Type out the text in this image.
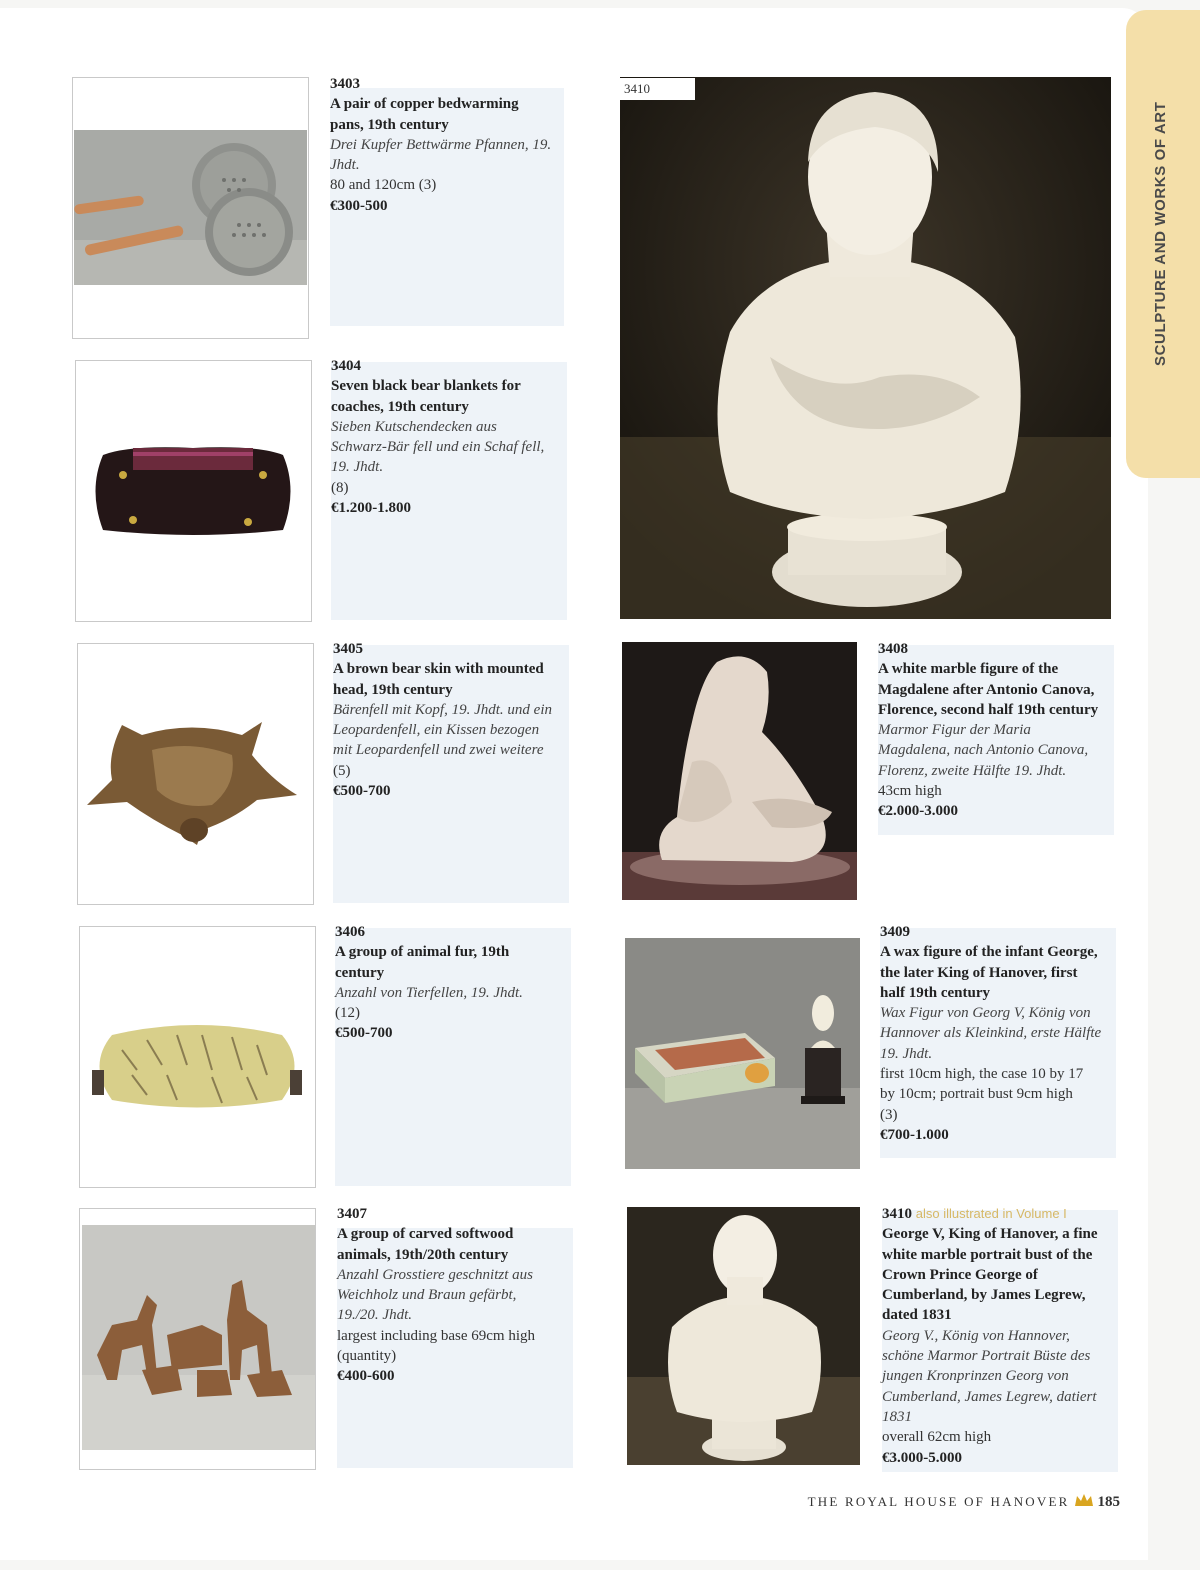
SCULPTURE AND WORKS OF ART
3410
3403
A pair of copper bedwarming
pans, 19th century
Drei Kupfer Bettwärme Pfannen, 19.
Jhdt.
80 and 120cm (3)
€300-500
3404
Seven black bear blankets for
coaches, 19th century
Sieben Kutschendecken aus
Schwarz-Bär fell und ein Schaf fell,
19. Jhdt.
(8)
€1.200-1.800
3405
A brown bear skin with mounted
head, 19th century
Bärenfell mit Kopf, 19. Jhdt. und ein
Leopardenfell, ein Kissen bezogen
mit Leopardenfell und zwei weitere
(5)
€500-700
3406
A group of animal fur, 19th
century
Anzahl von Tierfellen, 19. Jhdt.
(12)
€500-700
3407
A group of carved softwood
animals, 19th/20th century
Anzahl Grosstiere geschnitzt aus
Weichholz und Braun gefärbt,
19./20. Jhdt.
largest including base 69cm high
(quantity)
€400-600
3408
A white marble figure of the
Magdalene after Antonio Canova,
Florence, second half 19th century
Marmor Figur der Maria
Magdalena, nach Antonio Canova,
Florenz, zweite Hälfte 19. Jhdt.
43cm high
€2.000-3.000
3409
A wax figure of the infant George,
the later King of Hanover, first
half 19th century
Wax Figur von Georg V, König von
Hannover als Kleinkind, erste Hälfte
19. Jhdt.
first 10cm high, the case 10 by 17
by 10cm; portrait bust 9cm high
(3)
€700-1.000
3410 also illustrated in Volume I
George V, King of Hanover, a fine
white marble portrait bust of the
Crown Prince George of
Cumberland, by James Legrew,
dated 1831
Georg V., König von Hannover,
schöne Marmor Portrait Büste des
jungen Kronprinzen Georg von
Cumberland, James Legrew, datiert
1831
overall 62cm high
€3.000-5.000
THE ROYAL HOUSE OF HANOVER 185
